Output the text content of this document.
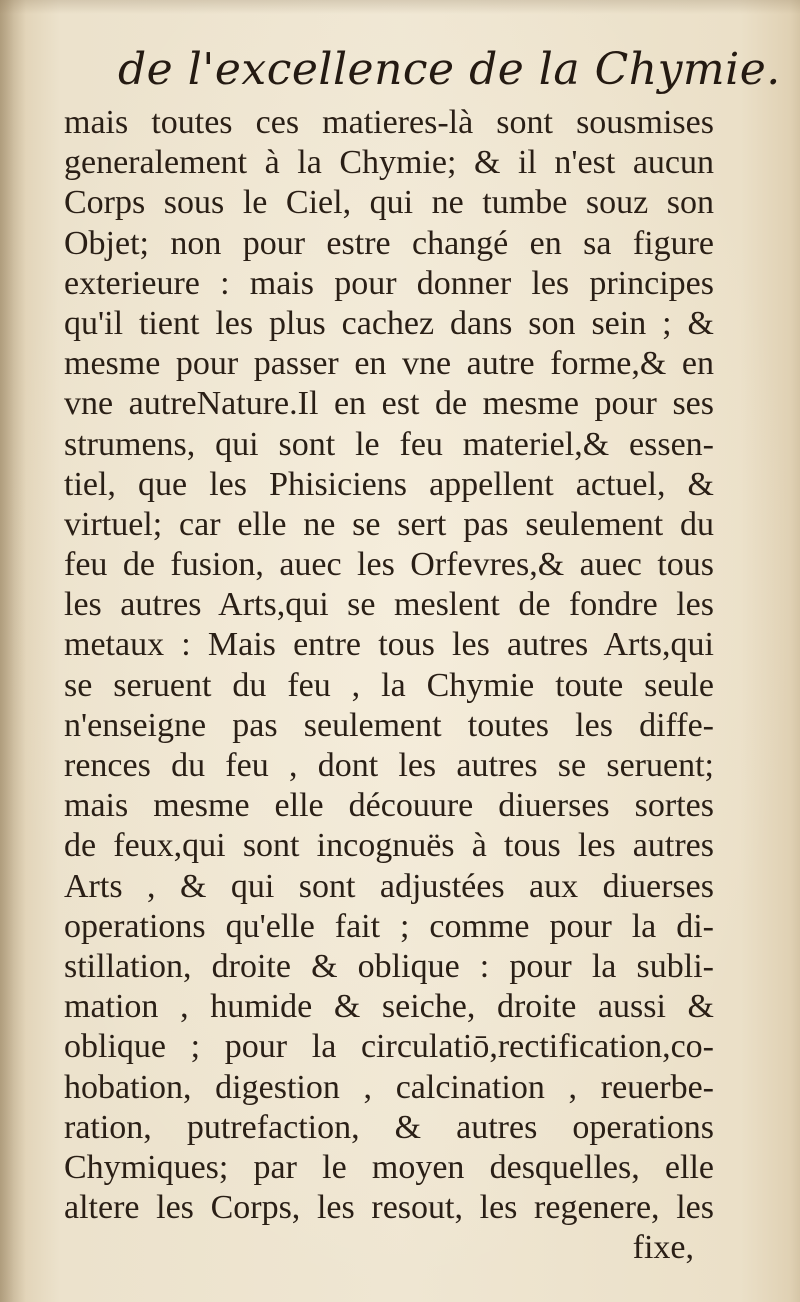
de l'excellence de la Chymie.
mais toutes ces matieres-là sont sousmises
generalement à la Chymie; & il n'est aucun
Corps sous le Ciel, qui ne tumbe souz son
Objet; non pour estre changé en sa figure
exterieure : mais pour donner les principes
qu'il tient les plus cachez dans son sein ; &
mesme pour passer en vne autre forme,& en
vne autreNature.Il en est de mesme pour ses
strumens, qui sont le feu materiel,& essen-
tiel, que les Phisiciens appellent actuel, &
virtuel; car elle ne se sert pas seulement du
feu de fusion, auec les Orfevres,& auec tous
les autres Arts,qui se meslent de fondre les
metaux : Mais entre tous les autres Arts,qui
se seruent du feu , la Chymie toute seule
n'enseigne pas seulement toutes les diffe-
rences du feu , dont les autres se seruent;
mais mesme elle découure diuerses sortes
de feux,qui sont incognuës à tous les autres
Arts , & qui sont adjustées aux diuerses
operations qu'elle fait ; comme pour la di-
stillation, droite & oblique : pour la subli-
mation , humide & seiche, droite aussi &
oblique ; pour la circulatiō,rectification,co-
hobation, digestion , calcination , reuerbe-
ration, putrefaction, & autres operations
Chymiques; par le moyen desquelles, elle
altere les Corps, les resout, les regenere, les
fixe,
